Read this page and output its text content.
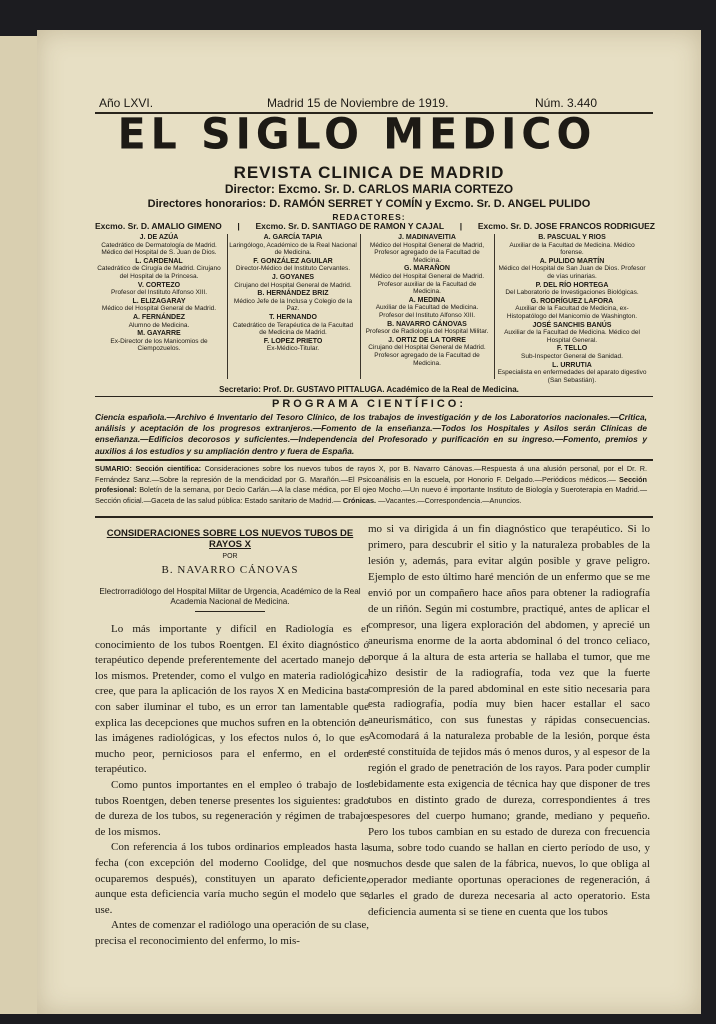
Año LXVI.	Madrid 15 de Noviembre de 1919.	Núm. 3.440
EL SIGLO MEDICO
REVISTA CLINICA DE MADRID
Director: Excmo. Sr. D. CARLOS MARIA CORTEZO
Directores honorarios: D. RAMÓN SERRET Y COMÍN y Excmo. Sr. D. ANGEL PULIDO
REDACTORES:
Excmo. Sr. D. AMALIO GIMENO | Excmo. Sr. D. SANTIAGO DE RAMON Y CAJAL | Excmo. Sr. D. JOSE FRANCOS RODRIGUEZ
J. DE AZÚA
Catedrático de Dermatología de Madrid. Médico del Hospital de S. Juan de Dios.
L. CARDENAL
Catedrático de Cirugía de Madrid. Cirujano del Hospital de la Princesa.
V. CORTEZO
Profesor del Instituto Alfonso XIII.
L. ELIZAGARAY
Médico del Hospital General de Madrid.
A. FERNÁNDEZ
Alumno de Medicina.
M. GAYARRE
Ex-Director de los Manicomios de Ciempozuelos.
A. GARCÍA TAPIA
Laringólogo, Académico de la Real Nacional de Medicina.
F. GONZÁLEZ AGUILAR
Director-Médico del Instituto Cervantes.
J. GOYANES
Cirujano del Hospital General de Madrid.
B. HERNÁNDEZ BRIZ
Médico Jefe de la Inclusa y Colegio de la Paz.
T. HERNANDO
Catedrático de Terapéutica de la Facultad de Medicina de Madrid.
F. LOPEZ PRIETO
Ex-Médico-Titular.
J. MADINAVEITIA
Médico del Hospital General de Madrid, Profesor agregado de la Facultad de Medicina.
G. MARAÑON
Médico del Hospital General de Madrid. Profesor auxiliar de la Facultad de Medicina.
A. MEDINA
Auxiliar de la Facultad de Medicina. Profesor del Instituto Alfonso XIII.
B. NAVARRO CÁNOVAS
Profesor de Radiología del Hospital Militar.
J. ORTIZ DE LA TORRE
Cirujano del Hospital General de Madrid. Profesor agregado de la Facultad de Medicina.
B. PASCUAL Y RIOS
Auxiliar de la Facultad de Medicina. Médico forense.
A. PULIDO MARTÍN
Médico del Hospital de San Juan de Dios. Profesor de vías urinarias.
P. DEL RÍO HORTEGA
Del Laboratorio de Investigaciones Biológicas.
G. RODRÍGUEZ LAFORA
Auxiliar de la Facultad de Medicina, ex-Histopatólogo del Manicomio de Washington.
JOSÉ SANCHIS BANÚS
Auxiliar de la Facultad de Medicina. Médico del Hospital General.
F. TELLO
Sub-Inspector General de Sanidad.
L. URRUTIA
Especialista en enfermedades del aparato digestivo (San Sebastián).
Secretario: Prof. Dr. GUSTAVO PITTALUGA. Académico de la Real de Medicina.
PROGRAMA CIENTÍFICO:
Ciencia española.—Archivo é Inventario del Tesoro Clínico, de los trabajos de investigación y de los Laboratorios nacionales.—Crítica, análisis y aceptación de los progresos extranjeros.—Fomento de la enseñanza.—Todos los Hospitales y Asilos serán Clínicas de enseñanza.—Edificios decorosos y suficientes.—Independencia del Profesorado y purificación en su ingreso.—Fomento, premios y auxilios á los estudios y su ampliación dentro y fuera de España.
SUMARIO: Sección científica: Consideraciones sobre los nuevos tubos de rayos X, por B. Navarro Cánovas.—Respuesta á una alusión personal, por el Dr. R. Fernández Sanz.—Sobre la represión de la mendicidad por G. Marañón.—El Psicoanálisis en la escuela, por Honorio F. Delgado.—Periódicos médicos.— Sección profesional: Boletín de la semana, por Decio Carlán.—A la clase médica, por El ojeo Mocho.—Un nuevo é importante Instituto de Biología y Sueroterapia en Madrid.—Sección oficial.—Gaceta de las salud pública: Estado sanitario de Madrid.— Crónicas. —Vacantes.—Correspondencia.—Anuncios.
CONSIDERACIONES SOBRE LOS NUEVOS TUBOS DE RAYOS X
POR
B. NAVARRO CÁNOVAS
Electrorradiólogo del Hospital Militar de Urgencia, Académico de la Real Academia Nacional de Medicina.

Lo más importante y difícil en Radiología es el conocimiento de los tubos Roentgen. El éxito diagnóstico ó terapéutico depende preferentemente del acertado manejo de los mismos. Pretender, como el vulgo en materia radiológica cree, que para la aplicación de los rayos X en Medicina basta con saber iluminar el tubo, es un error tan lamentable que explica las decepciones que muchos sufren en la obtención de las imágenes radiológicas, y los efectos nulos ó, lo que es mucho peor, perniciosos para el enfermo, en el orden terapéutico.

Como puntos importantes en el empleo ó trabajo de los tubos Roentgen, deben tenerse presentes los siguientes: grado de dureza de los tubos, su regeneración y régimen de trabajo de los mismos.

Con referencia á los tubos ordinarios empleados hasta la fecha (con excepción del moderno Coolidge, del que nos ocuparemos después), constituyen un aparato deficiente, aunque esta deficiencia varía mucho según el modelo que se use.

Antes de comenzar el radiólogo una operación de su clase, precisa el reconocimiento del enfermo, lo mis-

mo si va dirigida á un fin diagnóstico que terapéutico. Si lo primero, para descubrir el sitio y la naturaleza probables de la lesión y, además, para evitar algún posible y grave peligro. Ejemplo de esto último haré mención de un enfermo que se me envió por un compañero hace años para obtener la radiografía de un riñón. Según mi costumbre, practiqué, antes de aplicar el compresor, una ligera exploración del abdomen, y aprecié un aneurisma enorme de la aorta abdominal ó del tronco celiaco, porque á la altura de esta arteria se hallaba el tumor, que me hizo desistir de la radiografía, toda vez que la fuerte compresión de la pared abdominal en este sitio necesaria para esta radiografía, podía muy bien hacer estallar el saco aneurismático, con sus funestas y rápidas consecuencias. Acomodará á la naturaleza probable de la lesión, porque ésta esté constituída de tejidos más ó menos duros, y al espesor de la región el grado de penetración de los rayos. Para poder cumplir debidamente esta exigencia de técnica hay que disponer de tres tubos en distinto grado de dureza, correspondientes á tres espesores del cuerpo humano; grande, mediano y pequeño. Pero los tubos cambian en su estado de dureza con frecuencia suma, sobre todo cuando se hallan en cierto período de uso, y muchos desde que salen de la fábrica, nuevos, lo que obliga al operador mediante oportunas operaciones de regeneración, á darles el grado de dureza necesaria al acto operatorio. Esta deficiencia aumenta si se tiene en cuenta que los tubos
